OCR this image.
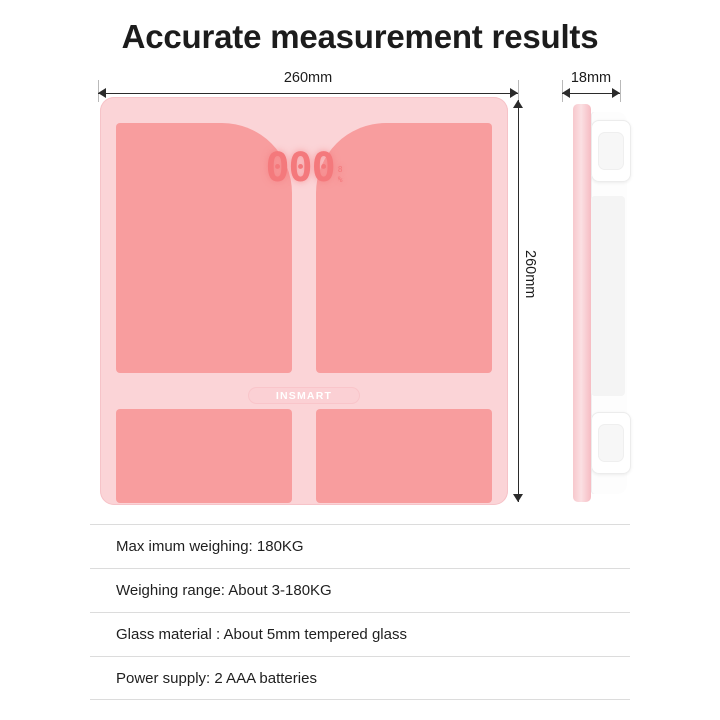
Accurate measurement results
260mm	18mm
260mm
000 8
%
INSMART
Max imum weighing: 180KG
Weighing range: About 3-180KG
Glass material : About 5mm tempered glass
Power supply: 2 AAA batteries
